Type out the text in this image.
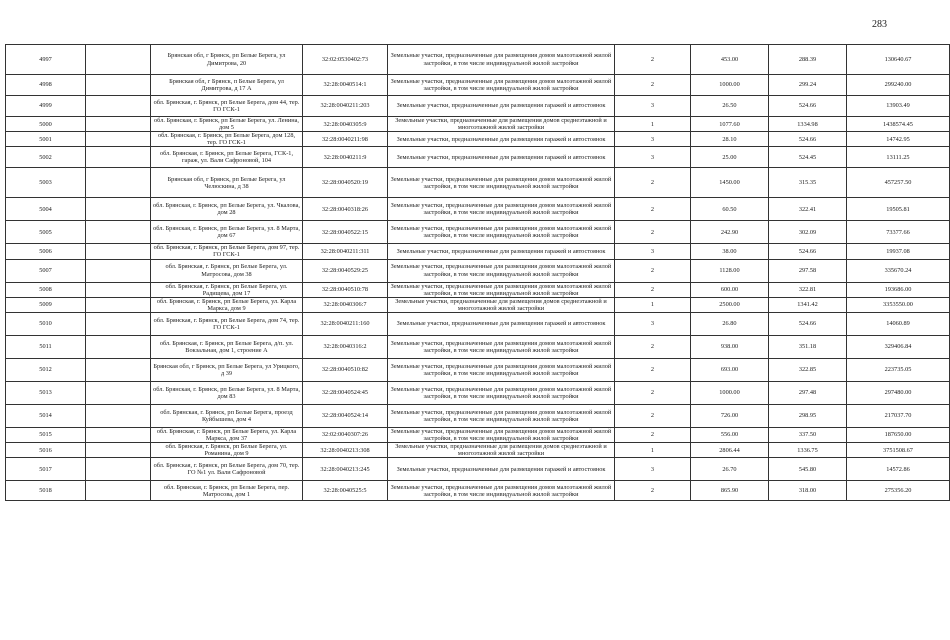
283
4997		Брянская обл, г Брянск, рп Белые Берега, ул Димитрова, 20	32:02:0530402:73	Земельные участки, предназначенные для размещения домов малоэтажной жилой застройки, в том числе индивидуальной жилой застройки	2	453.00	288.39	130640.67
4998		Брянская обл, г Брянск, п Белые Берега, ул Димитрова, д 17 А	32:28:0040514:1	Земельные участки, предназначенные для размещения домов малоэтажной жилой застройки, в том числе индивидуальной жилой застройки	2	1000.00	299.24	299240.00
4999		обл. Брянская, г. Брянск, рп Белые Берега, дом 44, тер. ГО ГСК-1	32:28:0040211:203	Земельные участки, предназначенные для размещения гаражей и автостоянок	3	26.50	524.66	13903.49
5000		обл. Брянская, г. Брянск, рп Белые Берега, ул. Ленина, дом 5	32:28:0040305:9	Земельные участки, предназначенные для размещения домов среднеэтажной и многоэтажной жилой застройки	1	1077.60	1334.98	1438574.45
5001		обл. Брянская, г. Брянск, рп Белые Берега, дом 128, тер. ГО ГСК-1	32:28:0040211:98	Земельные участки, предназначенные для размещения гаражей и автостоянок	3	28.10	524.66	14742.95
5002		обл. Брянская, г. Брянск, рп Белые Берега, ГСК-1, гараж, ул. Вали Сафроновой, 104	32:28:0040211:9	Земельные участки, предназначенные для размещения гаражей и автостоянок	3	25.00	524.45	13111.25
5003		Брянская обл, г Брянск, рп Белые Берега, ул Челюскина, д 38	32:28:0040520:19	Земельные участки, предназначенные для размещения домов малоэтажной жилой застройки, в том числе индивидуальной жилой застройки	2	1450.00	315.35	457257.50
5004		обл. Брянская, г. Брянск, рп Белые Берега, ул. Чкалова, дом 28	32:28:0040318:26	Земельные участки, предназначенные для размещения домов малоэтажной жилой застройки, в том числе индивидуальной жилой застройки	2	60.50	322.41	19505.81
5005		обл. Брянская, г. Брянск, рп Белые Берега, ул. 8 Марта, дом 67	32:28:0040522:15	Земельные участки, предназначенные для размещения домов малоэтажной жилой застройки, в том числе индивидуальной жилой застройки	2	242.90	302.09	73377.66
5006		обл. Брянская, г. Брянск, рп Белые Берега, дом 97, тер. ГО ГСК-1	32:28:0040211:311	Земельные участки, предназначенные для размещения гаражей и автостоянок	3	38.00	524.66	19937.08
5007		обл. Брянская, г. Брянск, рп Белые Берега, ул. Матросова, дом 38	32:28:0040529:25	Земельные участки, предназначенные для размещения домов малоэтажной жилой застройки, в том числе индивидуальной жилой застройки	2	1128.00	297.58	335670.24
5008		обл. Брянская, г. Брянск, рп Белые Берега, ул. Радищева, дом 17	32:28:0040510:78	Земельные участки, предназначенные для размещения домов малоэтажной жилой застройки, в том числе индивидуальной жилой застройки	2	600.00	322.81	193686.00
5009		обл. Брянская, г. Брянск, рп Белые Берега, ул. Карла Маркса, дом 9	32:28:0040306:7	Земельные участки, предназначенные для размещения домов среднеэтажной и многоэтажной жилой застройки	1	2500.00	1341.42	3353550.00
5010		обл. Брянская, г. Брянск, рп Белые Берега, дом 74, тер. ГО ГСК-1	32:28:0040211:160	Земельные участки, предназначенные для размещения гаражей и автостоянок	3	26.80	524.66	14060.89
5011		обл. Брянская, г. Брянск, рп Белые Берега, д/п. ул. Вокзальная, дом 1, строение А	32:28:0040316:2	Земельные участки, предназначенные для размещения домов малоэтажной жилой застройки, в том числе индивидуальной жилой застройки	2	938.00	351.18	329406.84
5012		Брянская обл, г Брянск, рп Белые Берега, ул Урицкого, д 39	32:28:0040510:82	Земельные участки, предназначенные для размещения домов малоэтажной жилой застройки, в том числе индивидуальной жилой застройки	2	693.00	322.85	223735.05
5013		обл. Брянская, г. Брянск, рп Белые Берега, ул. 8 Марта, дом 83	32:28:0040524:45	Земельные участки, предназначенные для размещения домов малоэтажной жилой застройки, в том числе индивидуальной жилой застройки	2	1000.00	297.48	297480.00
5014		обл. Брянская, г. Брянск, рп Белые Берега, проезд Куйбышева, дом 4	32:28:0040524:14	Земельные участки, предназначенные для размещения домов малоэтажной жилой застройки, в том числе индивидуальной жилой застройки	2	726.00	298.95	217037.70
5015		обл. Брянская, г. Брянск, рп Белые Берега, ул. Карла Маркса, дом 37	32:02:0040307:26	Земельные участки, предназначенные для размещения домов малоэтажной жилой застройки, в том числе индивидуальной жилой застройки	2	556.00	337.50	187650.00
5016		обл. Брянская, г. Брянск, рп Белые Берега, ул. Романина, дом 9	32:28:0040213:308	Земельные участки, предназначенные для размещения домов среднеэтажной и многоэтажной жилой застройки	1	2806.44	1336.75	3751508.67
5017		обл. Брянская, г. Брянск, рп Белые Берега, дом 70, тер. ГО №1 ул. Вали Сафроновой	32:28:0040213:245	Земельные участки, предназначенные для размещения гаражей и автостоянок	3	26.70	545.80	14572.86
5018		обл. Брянская, г. Брянск, рп Белые Берега, пер. Матросова, дом 1	32:28:0040525:5	Земельные участки, предназначенные для размещения домов малоэтажной жилой застройки, в том числе индивидуальной жилой застройки	2	865.90	318.00	275356.20
